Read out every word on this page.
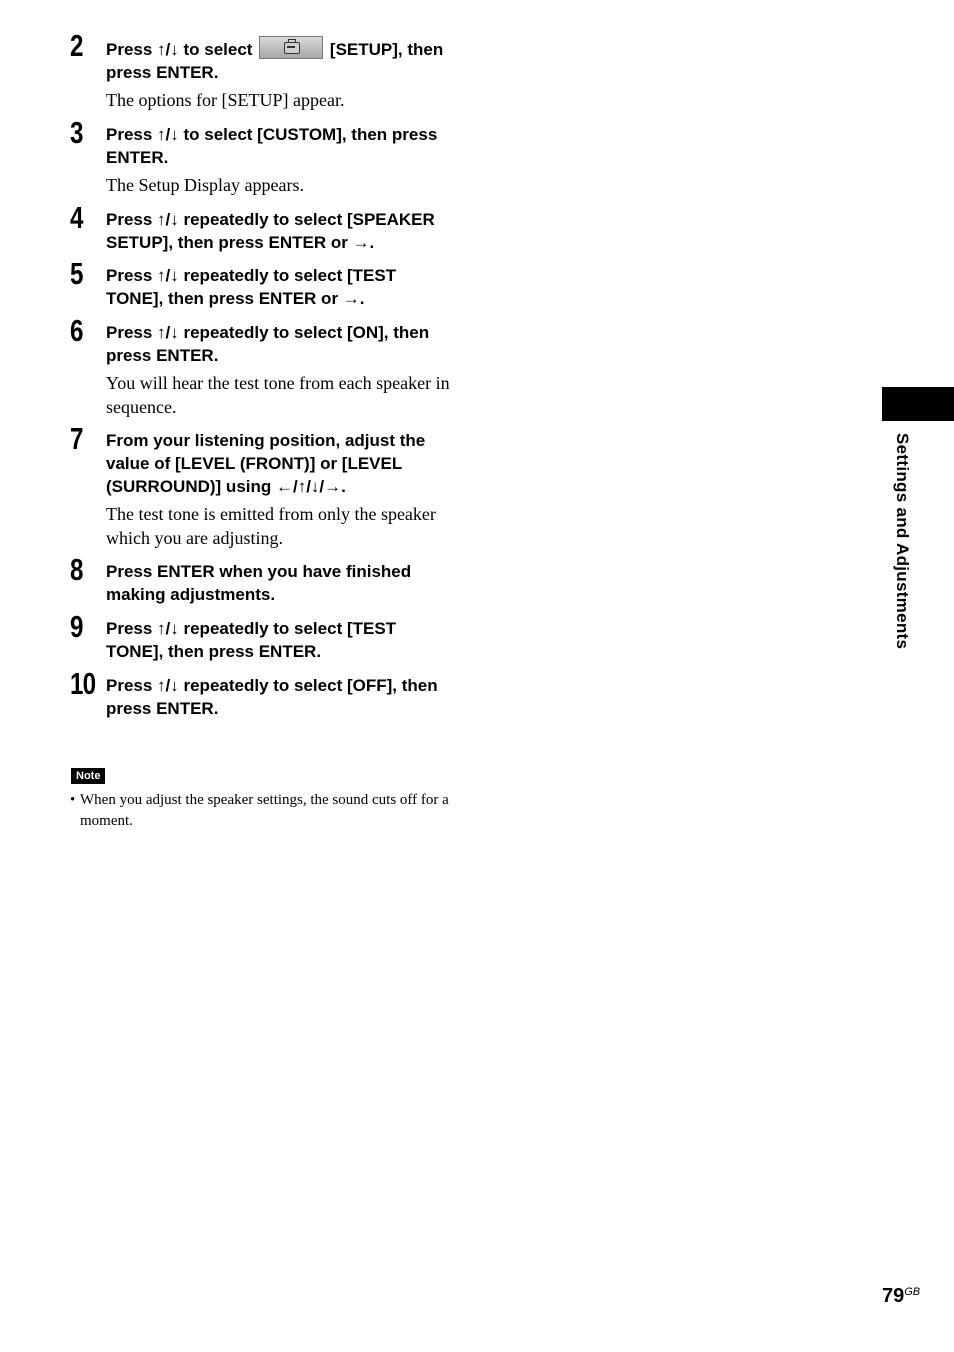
2 Press ↑/↓ to select	[SETUP], then press ENTER.

The options for [SETUP] appear.

3 Press ↑/↓ to select [CUSTOM], then press ENTER.

The Setup Display appears.

4 Press ↑/↓ repeatedly to select [SPEAKER SETUP], then press ENTER or →.

5 Press ↑/↓ repeatedly to select [TEST TONE], then press ENTER or →.

6 Press ↑/↓ repeatedly to select [ON], then press ENTER.

You will hear the test tone from each speaker in sequence.

7 From your listening position, adjust the value of [LEVEL (FRONT)] or [LEVEL (SURROUND)] using ←/↑/↓/→.

The test tone is emitted from only the speaker which you are adjusting.

8 Press ENTER when you have finished making adjustments.

9 Press ↑/↓ repeatedly to select [TEST TONE], then press ENTER.

10 Press ↑/↓ repeatedly to select [OFF], then press ENTER.

Note
• When you adjust the speaker settings, the sound cuts off for a moment.
Settings and Adjustments
$79^{GB}$
